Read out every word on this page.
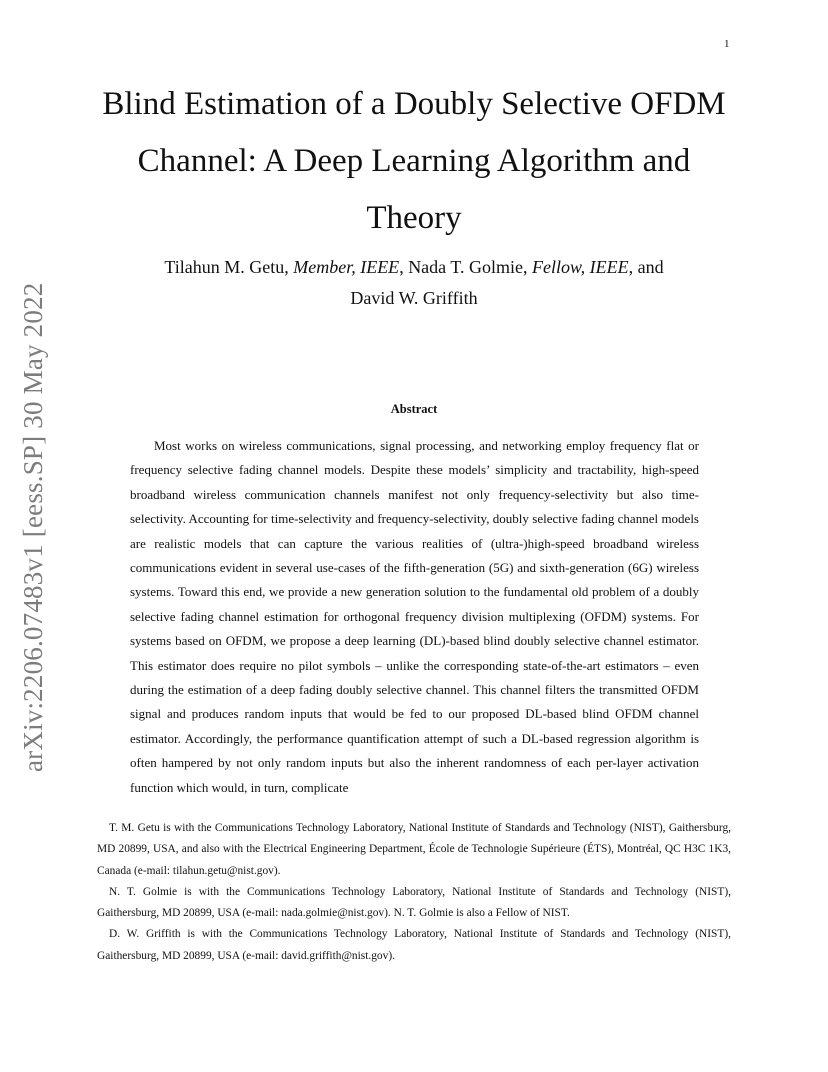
1
arXiv:2206.07483v1 [eess.SP] 30 May 2022
Blind Estimation of a Doubly Selective OFDM Channel: A Deep Learning Algorithm and Theory
Tilahun M. Getu, Member, IEEE, Nada T. Golmie, Fellow, IEEE, and
David W. Griffith
Abstract

Most works on wireless communications, signal processing, and networking employ frequency flat or frequency selective fading channel models. Despite these models’ simplicity and tractability, high-speed broadband wireless communication channels manifest not only frequency-selectivity but also time-selectivity. Accounting for time-selectivity and frequency-selectivity, doubly selective fading channel models are realistic models that can capture the various realities of (ultra-)high-speed broadband wireless communications evident in several use-cases of the fifth-generation (5G) and sixth-generation (6G) wireless systems. Toward this end, we provide a new generation solution to the fundamental old problem of a doubly selective fading channel estimation for orthogonal frequency division multiplexing (OFDM) systems. For systems based on OFDM, we propose a deep learning (DL)-based blind doubly selective channel estimator. This estimator does require no pilot symbols – unlike the corresponding state-of-the-art estimators – even during the estimation of a deep fading doubly selective channel. This channel filters the transmitted OFDM signal and produces random inputs that would be fed to our proposed DL-based blind OFDM channel estimator. Accordingly, the performance quantification attempt of such a DL-based regression algorithm is often hampered by not only random inputs but also the inherent randomness of each per-layer activation function which would, in turn, complicate

T. M. Getu is with the Communications Technology Laboratory, National Institute of Standards and Technology (NIST), Gaithersburg, MD 20899, USA, and also with the Electrical Engineering Department, École de Technologie Supérieure (ÉTS), Montréal, QC H3C 1K3, Canada (e-mail: tilahun.getu@nist.gov).

N. T. Golmie is with the Communications Technology Laboratory, National Institute of Standards and Technology (NIST), Gaithersburg, MD 20899, USA (e-mail: nada.golmie@nist.gov). N. T. Golmie is also a Fellow of NIST.

D. W. Griffith is with the Communications Technology Laboratory, National Institute of Standards and Technology (NIST), Gaithersburg, MD 20899, USA (e-mail: david.griffith@nist.gov).
